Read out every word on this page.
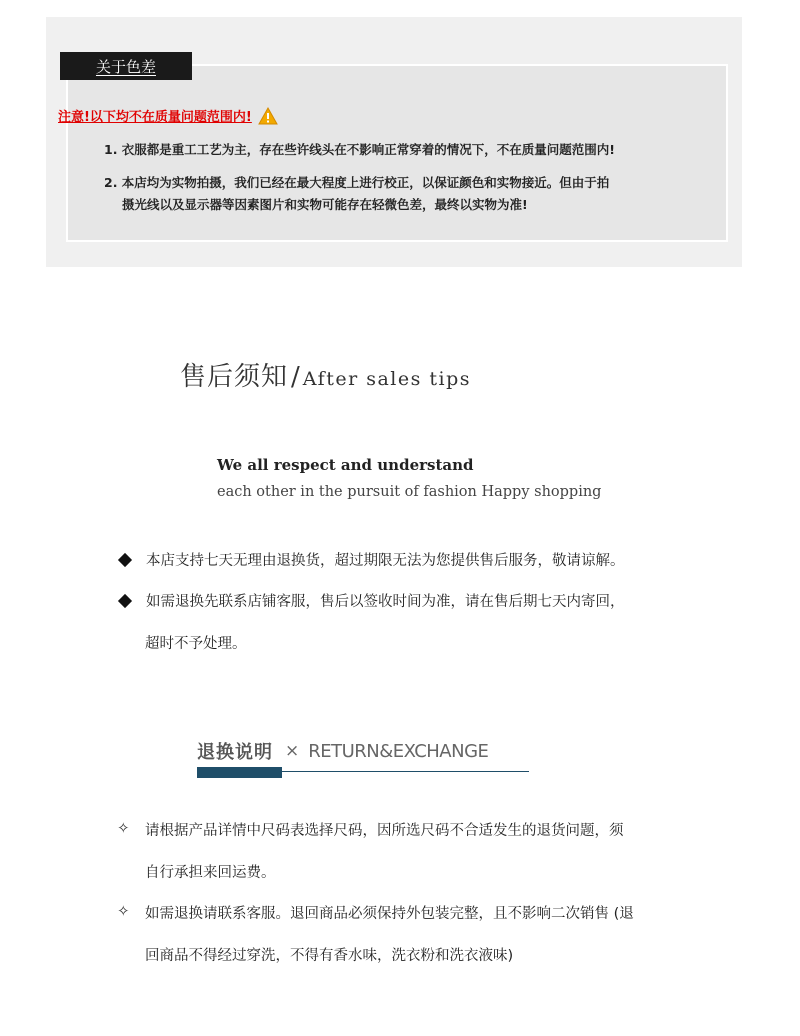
关于色差
注意!以下均不在质量问题范围内!
1. 衣服都是重工工艺为主，存在些许线头在不影响正常穿着的情况下，不在质量问题范围内!
2. 本店均为实物拍摄，我们已经在最大程度上进行校正，以保证颜色和实物接近。但由于拍
摄光线以及显示器等因素图片和实物可能存在轻微色差，最终以实物为准!
售后须知 / After sales tips
We all respect and understand
each other in the pursuit of fashion Happy shopping
本店支持七天无理由退换货，超过期限无法为您提供售后服务，敬请谅解。
如需退换先联系店铺客服，售后以签收时间为准，请在售后期七天内寄回，
超时不予处理。
退换说明 × RETURN&EXCHANGE
✧ 请根据产品详情中尺码表选择尺码，因所选尺码不合适发生的退货问题，须
自行承担来回运费。
✧ 如需退换请联系客服。退回商品必须保持外包装完整，且不影响二次销售 (退
回商品不得经过穿洗，不得有香水味，洗衣粉和洗衣液味)
